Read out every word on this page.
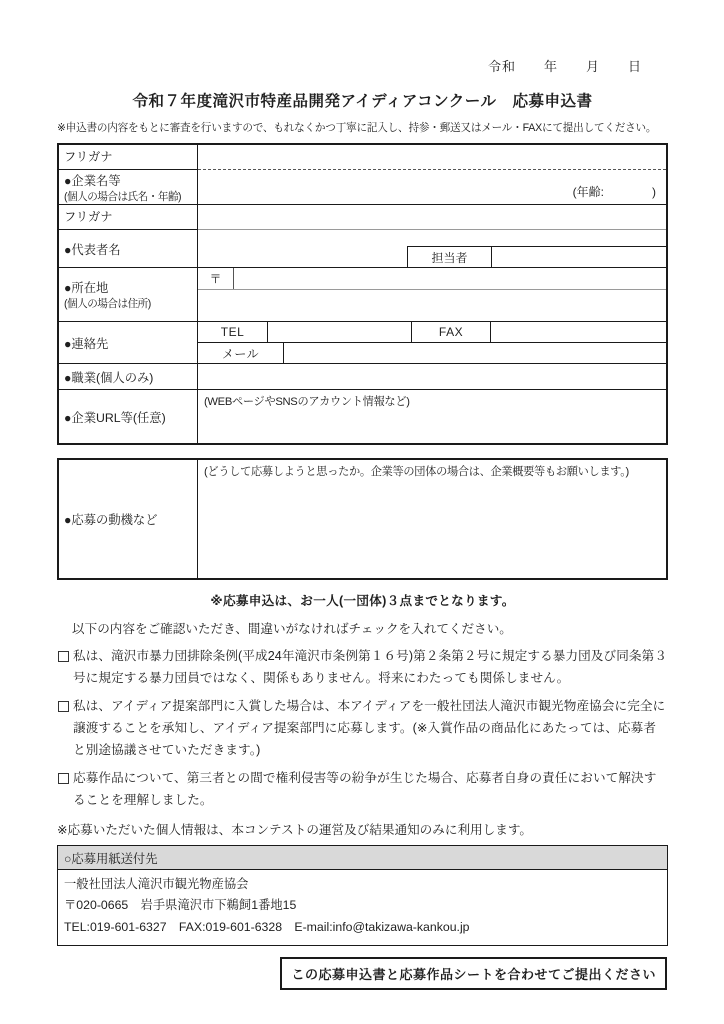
令和　　年　　月　　日
令和７年度滝沢市特産品開発アイディアコンクール　応募申込書
※申込書の内容をもとに審査を行いますので、もれなくかつ丁寧に記入し、持参・郵送又はメール・FAXにて提出してください。
フリガナ
●企業名等
(個人の場合は氏名・年齢)	(年齢:　　　　)
フリガナ
●代表者名
担当者
●所在地
(個人の場合は住所)
〒
●連絡先
TEL	FAX
メール
●職業(個人のみ)
●企業URL等(任意)
(WEBページやSNSのアカウント情報など)
●応募の動機など
(どうして応募しようと思ったか。企業等の団体の場合は、企業概要等もお願いします。)
※応募申込は、お一人(一団体)３点までとなります。
以下の内容をご確認いただき、間違いがなければチェックを入れてください。
私は、滝沢市暴力団排除条例(平成24年滝沢市条例第１６号)第２条第２号に規定する暴力団及び同条第３号に規定する暴力団員ではなく、関係もありません。将来にわたっても関係しません。
私は、アイディア提案部門に入賞した場合は、本アイディアを一般社団法人滝沢市観光物産協会に完全に譲渡することを承知し、アイディア提案部門に応募します。(※入賞作品の商品化にあたっては、応募者と別途協議させていただきます。)
応募作品について、第三者との間で権利侵害等の紛争が生じた場合、応募者自身の責任において解決することを理解しました。
※応募いただいた個人情報は、本コンテストの運営及び結果通知のみに利用します。
○応募用紙送付先
一般社団法人滝沢市観光物産協会
〒020-0665　岩手県滝沢市下鵜飼1番地15
TEL:019-601-6327　FAX:019-601-6328　E-mail:info@takizawa-kankou.jp
この応募申込書と応募作品シートを合わせてご提出ください
